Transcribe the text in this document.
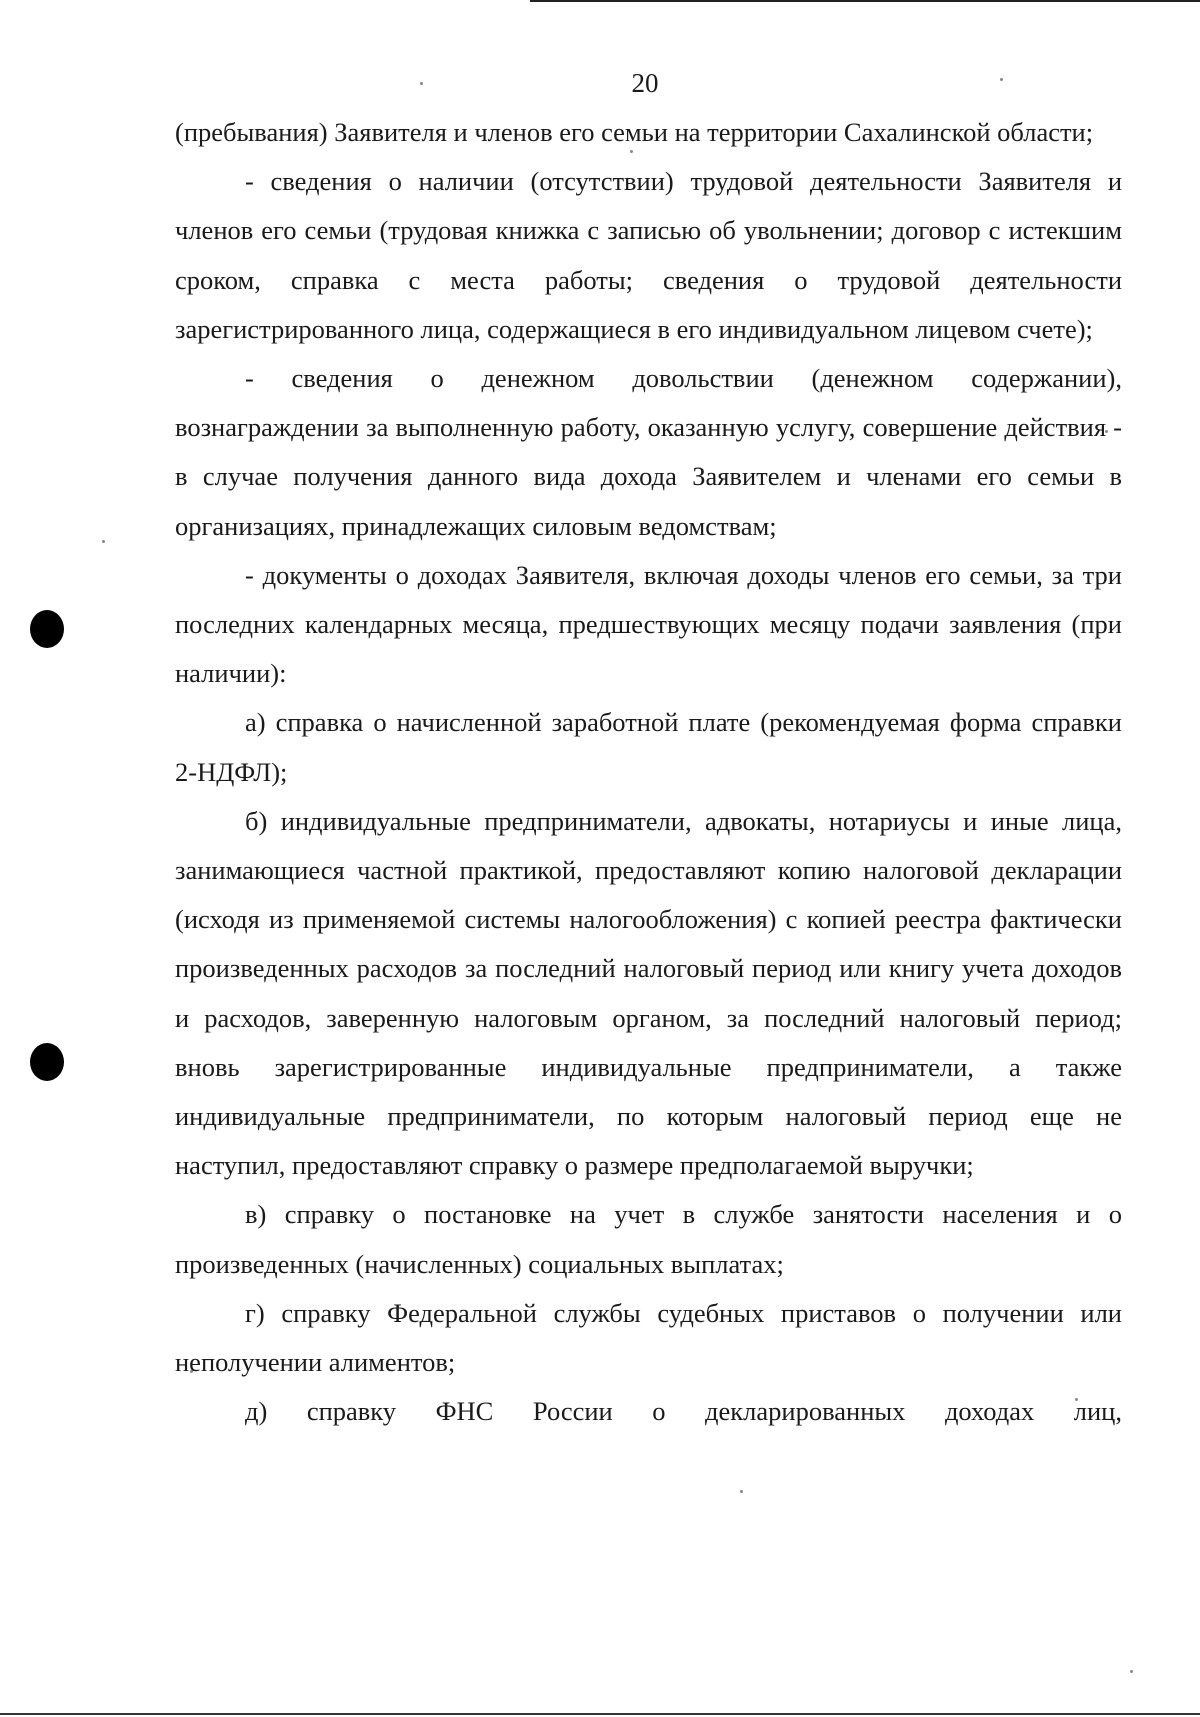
20

(пребывания) Заявителя и членов его семьи на территории Сахалинской области;

- сведения о наличии (отсутствии) трудовой деятельности Заявителя и членов его семьи (трудовая книжка с записью об увольнении; договор с истекшим сроком, справка с места работы; сведения о трудовой деятельности зарегистрированного лица, содержащиеся в его индивидуальном лицевом счете);

- сведения о денежном довольствии (денежном содержании), вознаграждении за выполненную работу, оказанную услугу, совершение действия - в случае получения данного вида дохода Заявителем и членами его семьи в организациях, принадлежащих силовым ведомствам;

- документы о доходах Заявителя, включая доходы членов его семьи, за три последних календарных месяца, предшествующих месяцу подачи заявления (при наличии):

а) справка о начисленной заработной плате (рекомендуемая форма справки 2-НДФЛ);

б) индивидуальные предприниматели, адвокаты, нотариусы и иные лица, занимающиеся частной практикой, предоставляют копию налоговой декларации (исходя из применяемой системы налогообложения) с копией реестра фактически произведенных расходов за последний налоговый период или книгу учета доходов и расходов, заверенную налоговым органом, за последний налоговый период; вновь зарегистрированные индивидуальные предприниматели, а также индивидуальные предприниматели, по которым налоговый период еще не наступил, предоставляют справку о размере предполагаемой выручки;

в) справку о постановке на учет в службе занятости населения и о произведенных (начисленных) социальных выплатах;

г) справку Федеральной службы судебных приставов о получении или неполучении алиментов;

д) справку ФНС России о декларированных доходах лиц,
